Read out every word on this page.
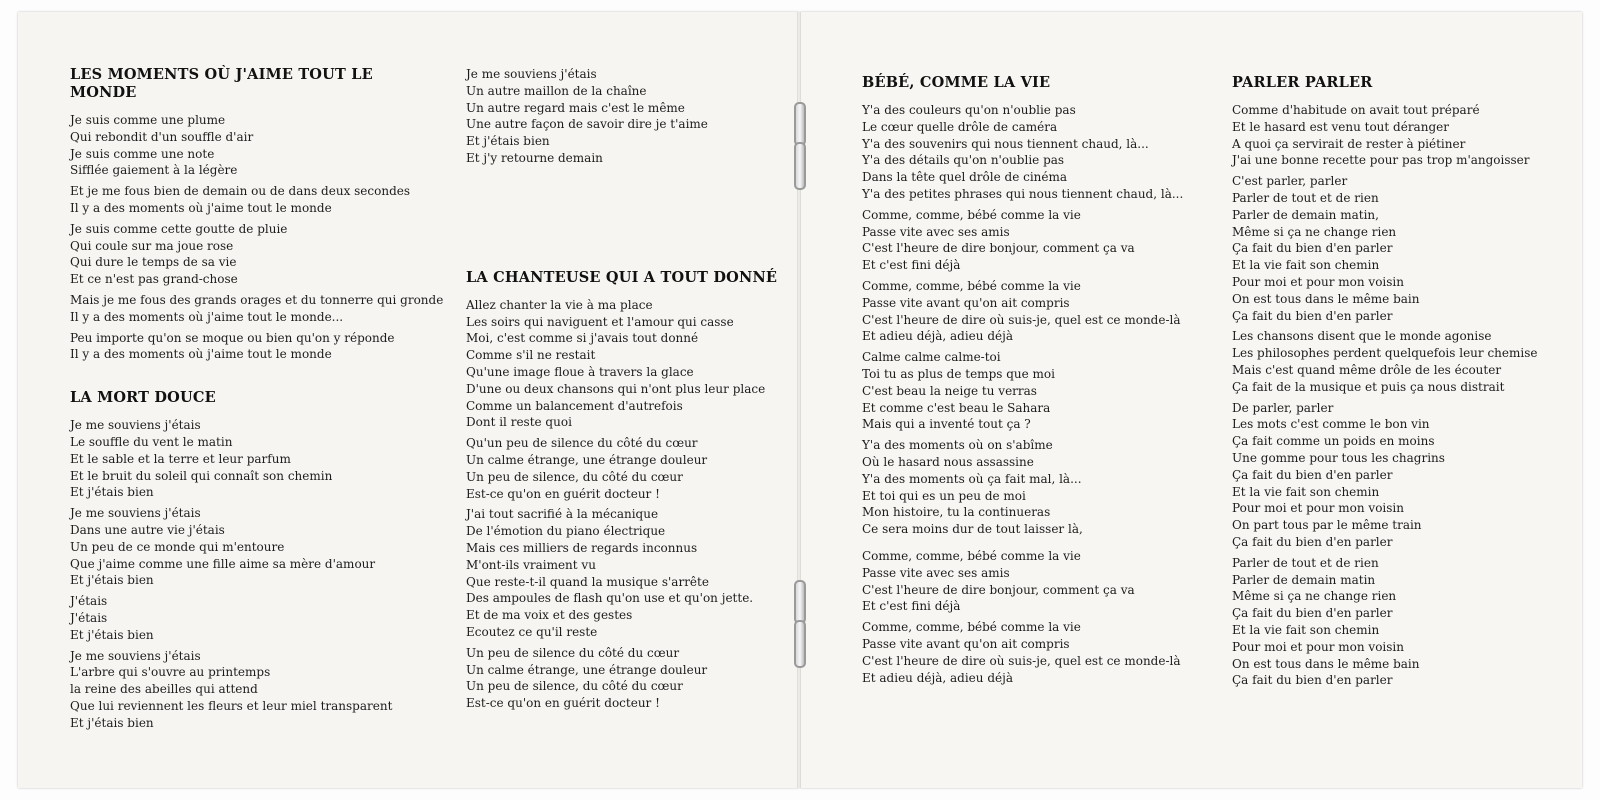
LES MOMENTS OÙ J'AIME TOUT LE MONDE
Je suis comme une plume
Qui rebondit d'un souffle d'air
Je suis comme une note
Sifflée gaiement à la légère
Et je me fous bien de demain ou de dans deux secondes
Il y a des moments où j'aime tout le monde
Je suis comme cette goutte de pluie
Qui coule sur ma joue rose
Qui dure le temps de sa vie
Et ce n'est pas grand-chose
Mais je me fous des grands orages et du tonnerre qui gronde
Il y a des moments où j'aime tout le monde...
Peu importe qu'on se moque ou bien qu'on y réponde
Il y a des moments où j'aime tout le monde
LA MORT DOUCE
Je me souviens j'étais
Le souffle du vent le matin
Et le sable et la terre et leur parfum
Et le bruit du soleil qui connaît son chemin
Et j'étais bien
Je me souviens j'étais
Dans une autre vie j'étais
Un peu de ce monde qui m'entoure
Que j'aime comme une fille aime sa mère d'amour
Et j'étais bien
J'étais
J'étais
Et j'étais bien
Je me souviens j'étais
L'arbre qui s'ouvre au printemps
la reine des abeilles qui attend
Que lui reviennent les fleurs et leur miel transparent
Et j'étais bien
Je me souviens j'étais
Un autre maillon de la chaîne
Un autre regard mais c'est le même
Une autre façon de savoir dire je t'aime
Et j'étais bien
Et j'y retourne demain
LA CHANTEUSE QUI A TOUT DONNÉ
Allez chanter la vie à ma place
Les soirs qui naviguent et l'amour qui casse
Moi, c'est comme si j'avais tout donné
Comme s'il ne restait
Qu'une image floue à travers la glace
D'une ou deux chansons qui n'ont plus leur place
Comme un balancement d'autrefois
Dont il reste quoi
Qu'un peu de silence du côté du cœur
Un calme étrange, une étrange douleur
Un peu de silence, du côté du cœur
Est-ce qu'on en guérit docteur !
J'ai tout sacrifié à la mécanique
De l'émotion du piano électrique
Mais ces milliers de regards inconnus
M'ont-ils vraiment vu
Que reste-t-il quand la musique s'arrête
Des ampoules de flash qu'on use et qu'on jette.
Et de ma voix et des gestes
Ecoutez ce qu'il reste
Un peu de silence du côté du cœur
Un calme étrange, une étrange douleur
Un peu de silence, du côté du cœur
Est-ce qu'on en guérit docteur !
BÉBÉ, COMME LA VIE
Y'a des couleurs qu'on n'oublie pas
Le cœur quelle drôle de caméra
Y'a des souvenirs qui nous tiennent chaud, là...
Y'a des détails qu'on n'oublie pas
Dans la tête quel drôle de cinéma
Y'a des petites phrases qui nous tiennent chaud, là...
Comme, comme, bébé comme la vie
Passe vite avec ses amis
C'est l'heure de dire bonjour, comment ça va
Et c'est fini déjà
Comme, comme, bébé comme la vie
Passe vite avant qu'on ait compris
C'est l'heure de dire où suis-je, quel est ce monde-là
Et adieu déjà, adieu déjà
Calme calme calme-toi
Toi tu as plus de temps que moi
C'est beau la neige tu verras
Et comme c'est beau le Sahara
Mais qui a inventé tout ça ?
Y'a des moments où on s'abîme
Où le hasard nous assassine
Y'a des moments où ça fait mal, là...
Et toi qui es un peu de moi
Mon histoire, tu la continueras
Ce sera moins dur de tout laisser là,
Comme, comme, bébé comme la vie
Passe vite avec ses amis
C'est l'heure de dire bonjour, comment ça va
Et c'est fini déjà
Comme, comme, bébé comme la vie
Passe vite avant qu'on ait compris
C'est l'heure de dire où suis-je, quel est ce monde-là
Et adieu déjà, adieu déjà
PARLER PARLER
Comme d'habitude on avait tout préparé
Et le hasard est venu tout déranger
A quoi ça servirait de rester à piétiner
J'ai une bonne recette pour pas trop m'angoisser
C'est parler, parler
Parler de tout et de rien
Parler de demain matin,
Même si ça ne change rien
Ça fait du bien d'en parler
Et la vie fait son chemin
Pour moi et pour mon voisin
On est tous dans le même bain
Ça fait du bien d'en parler
Les chansons disent que le monde agonise
Les philosophes perdent quelquefois leur chemise
Mais c'est quand même drôle de les écouter
Ça fait de la musique et puis ça nous distrait
De parler, parler
Les mots c'est comme le bon vin
Ça fait comme un poids en moins
Une gomme pour tous les chagrins
Ça fait du bien d'en parler
Et la vie fait son chemin
Pour moi et pour mon voisin
On part tous par le même train
Ça fait du bien d'en parler
Parler de tout et de rien
Parler de demain matin
Même si ça ne change rien
Ça fait du bien d'en parler
Et la vie fait son chemin
Pour moi et pour mon voisin
On est tous dans le même bain
Ça fait du bien d'en parler
